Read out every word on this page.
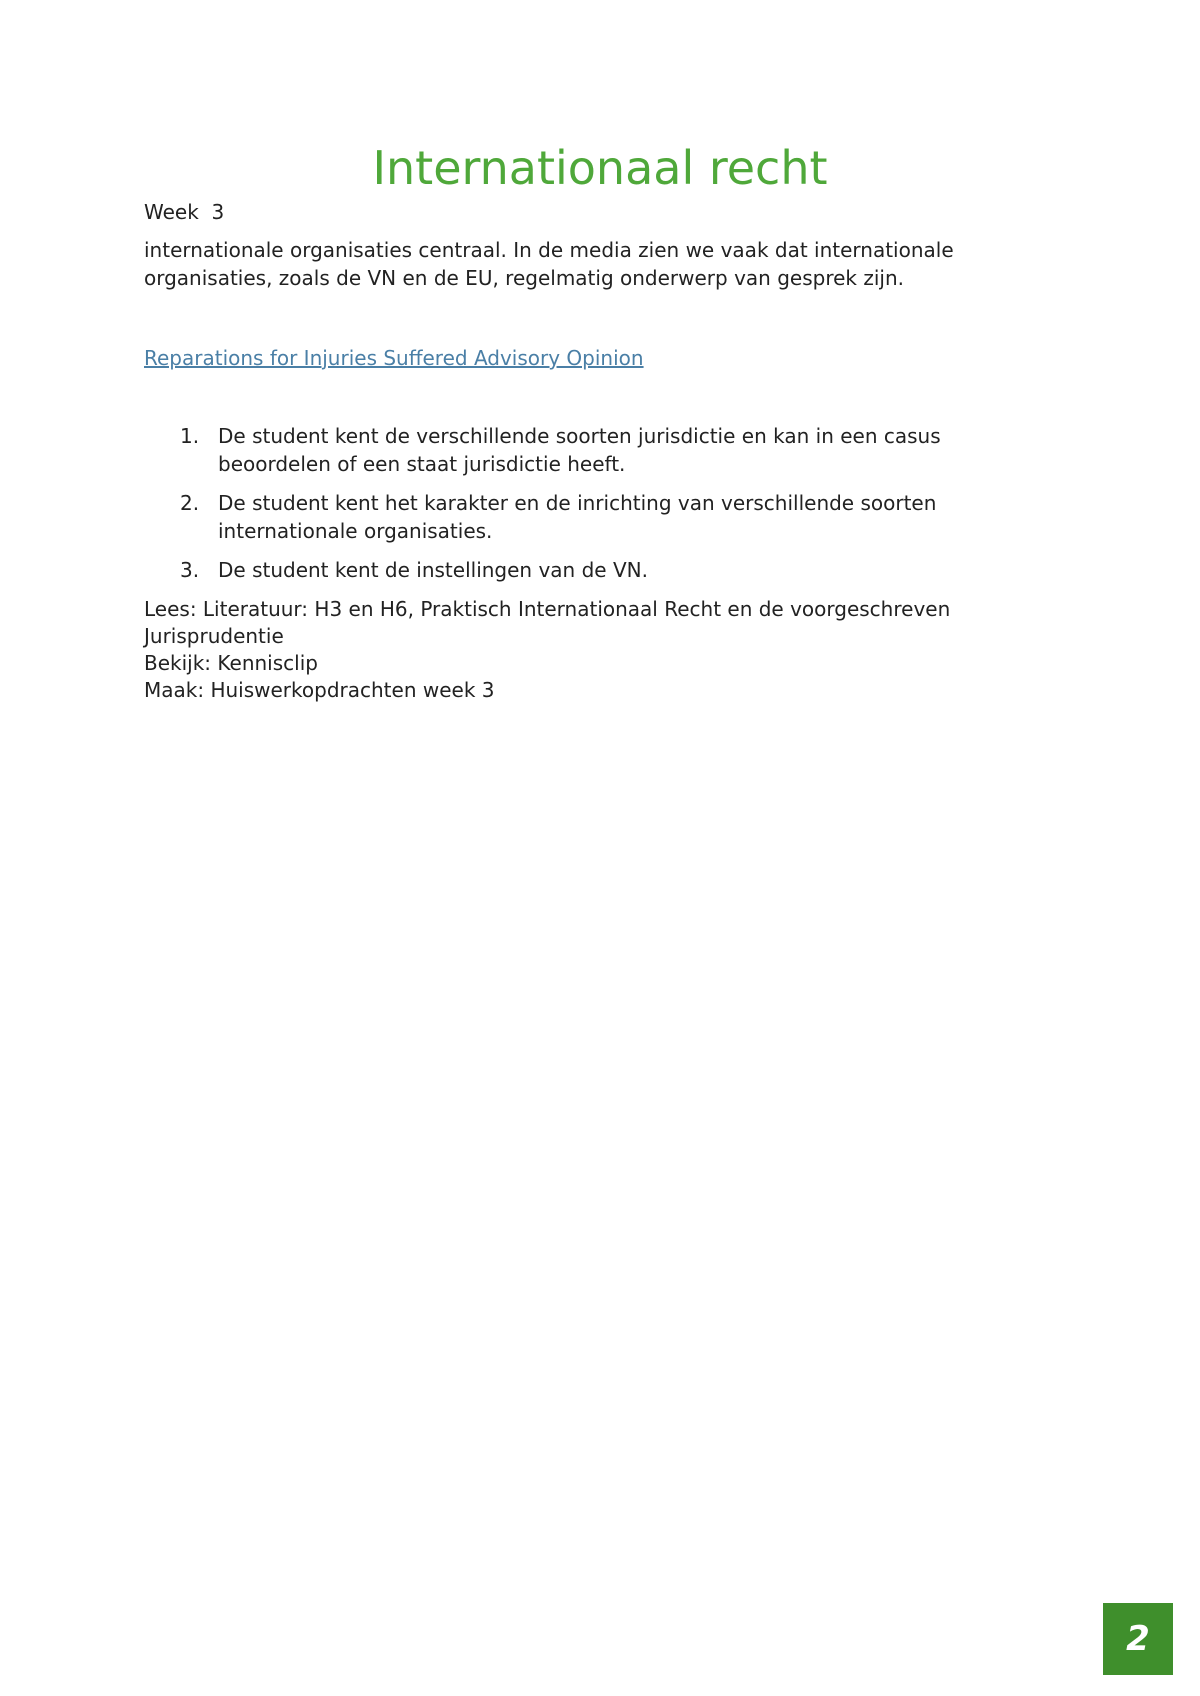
Internationaal recht
Week  3

internationale organisaties centraal. In de media zien we vaak dat internationale
organisaties, zoals de VN en de EU, regelmatig onderwerp van gesprek zijn.

Reparations for Injuries Suffered Advisory Opinion
1. De student kent de verschillende soorten jurisdictie en kan in een casus beoordelen of een staat jurisdictie heeft.
2. De student kent het karakter en de inrichting van verschillende soorten internationale organisaties.
3. De student kent de instellingen van de VN.
Lees: Literatuur: H3 en H6, Praktisch Internationaal Recht en de voorgeschreven Jurisprudentie
Bekijk: Kennisclip
Maak: Huiswerkopdrachten week 3
2
